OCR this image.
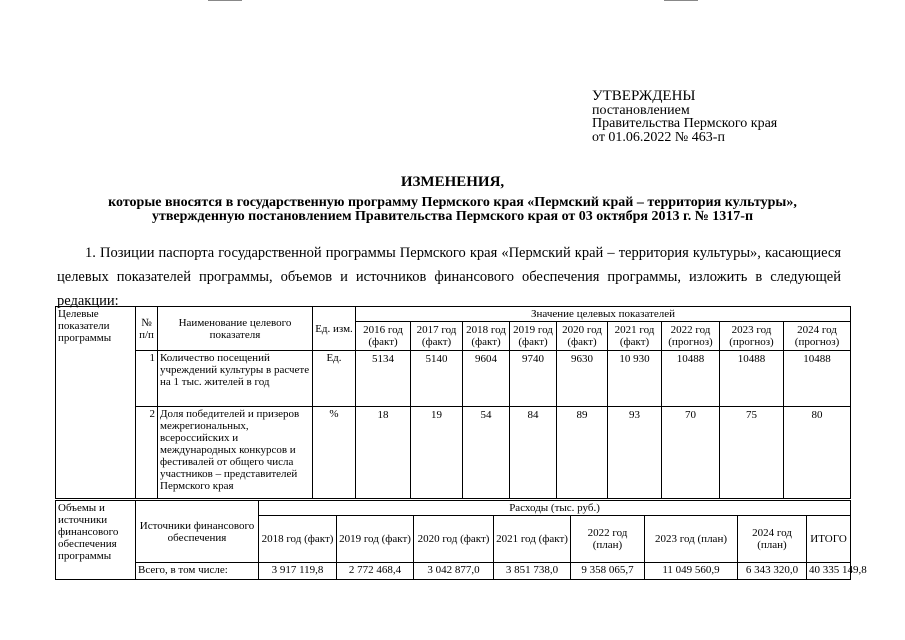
УТВЕРЖДЕНЫ
постановлением
Правительства Пермского края
от 01.06.2022 № 463-п
ИЗМЕНЕНИЯ,
которые вносятся в государственную программу Пермского края «Пермский край – территория культуры»,
утвержденную постановлением Правительства Пермского края от 03 октября 2013 г. № 1317-п
1. Позиции паспорта государственной программы Пермского края «Пермский край – территория культуры», касающиеся целевых показателей программы, объемов и источников финансового обеспечения программы, изложить в следующей редакции:
Целевые показатели программы	№ п/п	Наименование целевого показателя	Ед. изм.	Значение целевых показателей								
				2016 год (факт)	2017 год (факт)	2018 год (факт)	2019 год (факт)	2020 год (факт)	2021 год (факт)	2022 год (прогноз)	2023 год (прогноз)	2024 год (прогноз)
	1	Количество посещений учреждений культуры в расчете на 1 тыс. жителей в год	Ед.	5134	5140	9604	9740	9630	10 930	10488	10488	10488
	2	Доля победителей и призеров межрегиональных, всероссийских и международных конкурсов и фестивалей от общего числа участников – представителей Пермского края	%	18	19	54	84	89	93	70	75	80
Объемы и источники финансового обеспечения программы	Источники финансового обеспечения	Расходы (тыс. руб.)							
		2018 год (факт)	2019 год (факт)	2020 год (факт)	2021 год (факт)	2022 год (план)	2023 год (план)	2024 год (план)	ИТОГО
	Всего, в том числе:	3 917 119,8	2 772 468,4	3 042 877,0	3 851 738,0	9 358 065,7	11 049 560,9	6 343 320,0	40 335 149,8
